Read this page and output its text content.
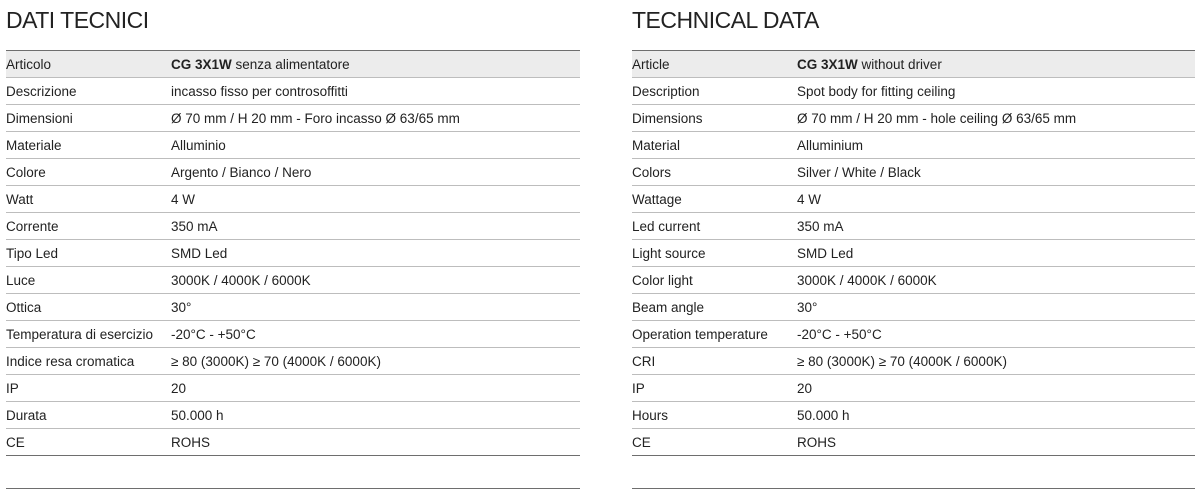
DATI TECNICI
Articolo	CG 3X1W senza alimentatore
Descrizione	incasso fisso per controsoffitti
Dimensioni	Ø 70 mm / H 20 mm - Foro incasso Ø 63/65 mm
Materiale	Alluminio
Colore	Argento / Bianco / Nero
Watt	4 W
Corrente	350 mA
Tipo Led	SMD Led
Luce	3000K / 4000K / 6000K
Ottica	30°
Temperatura di esercizio	-20°C - +50°C
Indice resa cromatica	≥ 80 (3000K) ≥ 70 (4000K / 6000K)
IP	20
Durata	50.000 h
CE	ROHS
TECHNICAL DATA
Article	CG 3X1W without driver
Description	Spot body for fitting ceiling
Dimensions	Ø 70 mm / H 20 mm - hole ceiling Ø 63/65 mm
Material	Alluminium
Colors	Silver / White / Black
Wattage	4 W
Led current	350 mA
Light source	SMD Led
Color light	3000K / 4000K / 6000K
Beam angle	30°
Operation temperature	-20°C - +50°C
CRI	≥ 80 (3000K) ≥ 70 (4000K / 6000K)
IP	20
Hours	50.000 h
CE	ROHS
